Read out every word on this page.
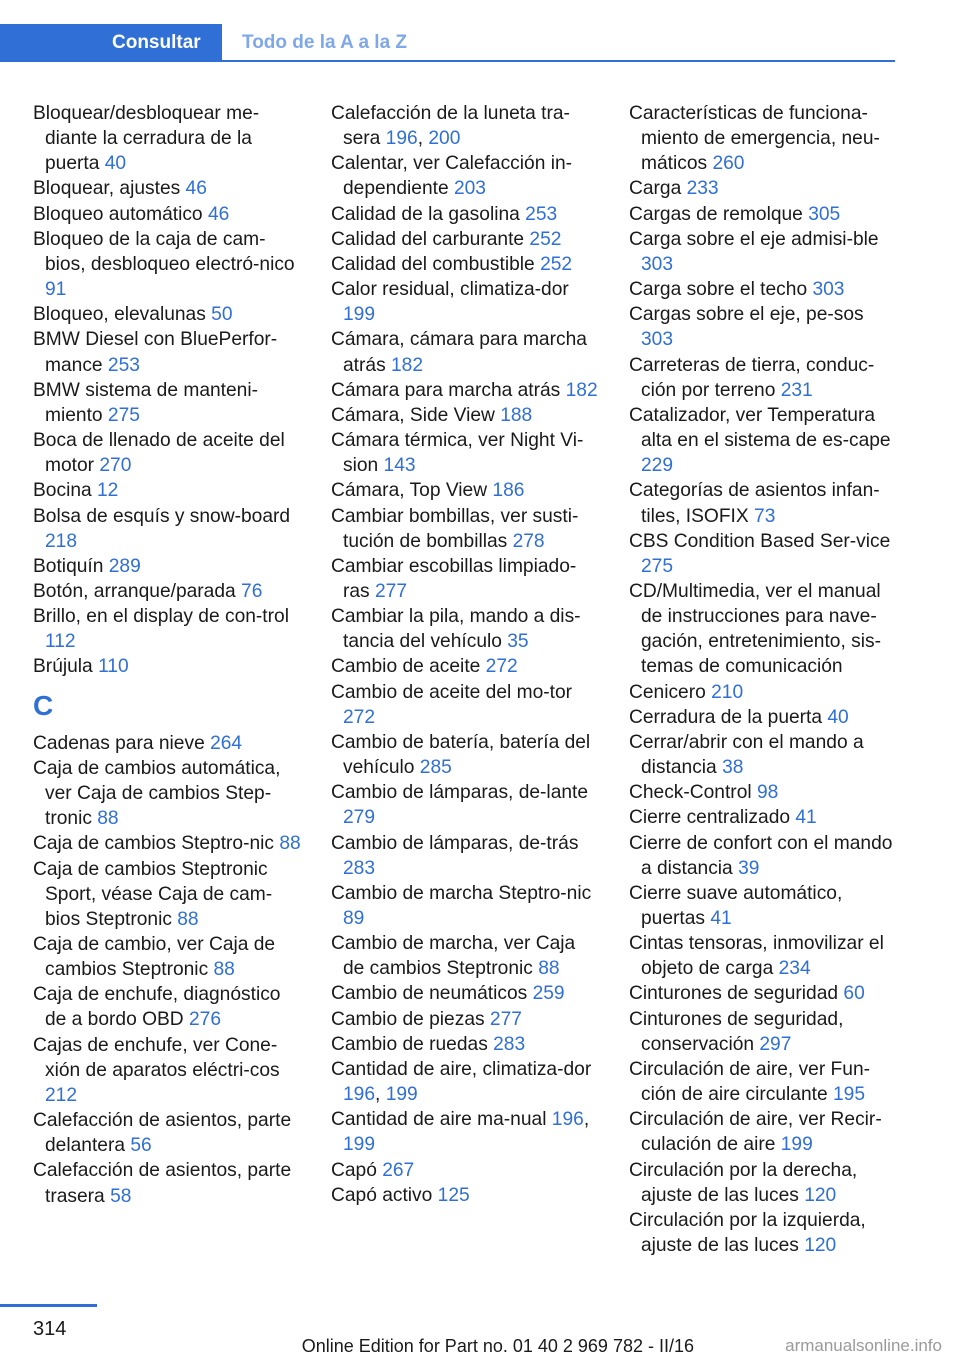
Consultar	Todo de la A a la Z
Bloquear/desbloquear me-diante la cerradura de la puerta 40
Bloquear, ajustes 46
Bloqueo automático 46
Bloqueo de la caja de cam-bios, desbloqueo electró-nico 91
Bloqueo, elevalunas 50
BMW Diesel con BluePerfor-mance 253
BMW sistema de manteni-miento 275
Boca de llenado de aceite del motor 270
Bocina 12
Bolsa de esquís y snow-board 218
Botiquín 289
Botón, arranque/parada 76
Brillo, en el display de con-trol 112
Brújula 110
C
Cadenas para nieve 264
Caja de cambios automática, ver Caja de cambios Step-tronic 88
Caja de cambios Steptro-nic 88
Caja de cambios Steptronic Sport, véase Caja de cam-bios Steptronic 88
Caja de cambio, ver Caja de cambios Steptronic 88
Caja de enchufe, diagnóstico de a bordo OBD 276
Cajas de enchufe, ver Cone-xión de aparatos eléctri-cos 212
Calefacción de asientos, parte delantera 56
Calefacción de asientos, parte trasera 58
Calefacción de la luneta tra-sera 196, 200
Calentar, ver Calefacción in-dependiente 203
Calidad de la gasolina 253
Calidad del carburante 252
Calidad del combustible 252
Calor residual, climatiza-dor 199
Cámara, cámara para marcha atrás 182
Cámara para marcha atrás 182
Cámara, Side View 188
Cámara térmica, ver Night Vi-sion 143
Cámara, Top View 186
Cambiar bombillas, ver susti-tución de bombillas 278
Cambiar escobillas limpiado-ras 277
Cambiar la pila, mando a dis-tancia del vehículo 35
Cambio de aceite 272
Cambio de aceite del mo-tor 272
Cambio de batería, batería del vehículo 285
Cambio de lámparas, de-lante 279
Cambio de lámparas, de-trás 283
Cambio de marcha Steptro-nic 89
Cambio de marcha, ver Caja de cambios Steptronic 88
Cambio de neumáticos 259
Cambio de piezas 277
Cambio de ruedas 283
Cantidad de aire, climatiza-dor 196, 199
Cantidad de aire ma-nual 196, 199
Capó 267
Capó activo 125
Características de funciona-miento de emergencia, neu-máticos 260
Carga 233
Cargas de remolque 305
Carga sobre el eje admisi-ble 303
Carga sobre el techo 303
Cargas sobre el eje, pe-sos 303
Carreteras de tierra, conduc-ción por terreno 231
Catalizador, ver Temperatura alta en el sistema de es-cape 229
Categorías de asientos infan-tiles, ISOFIX 73
CBS Condition Based Ser-vice 275
CD/Multimedia, ver el manual de instrucciones para nave-gación, entretenimiento, sis-temas de comunicación
Cenicero 210
Cerradura de la puerta 40
Cerrar/abrir con el mando a distancia 38
Check-Control 98
Cierre centralizado 41
Cierre de confort con el mando a distancia 39
Cierre suave automático, puertas 41
Cintas tensoras, inmovilizar el objeto de carga 234
Cinturones de seguridad 60
Cinturones de seguridad, conservación 297
Circulación de aire, ver Fun-ción de aire circulante 195
Circulación de aire, ver Recir-culación de aire 199
Circulación por la derecha, ajuste de las luces 120
Circulación por la izquierda, ajuste de las luces 120
314
Online Edition for Part no. 01 40 2 969 782 - II/16	armanualsonline.info
